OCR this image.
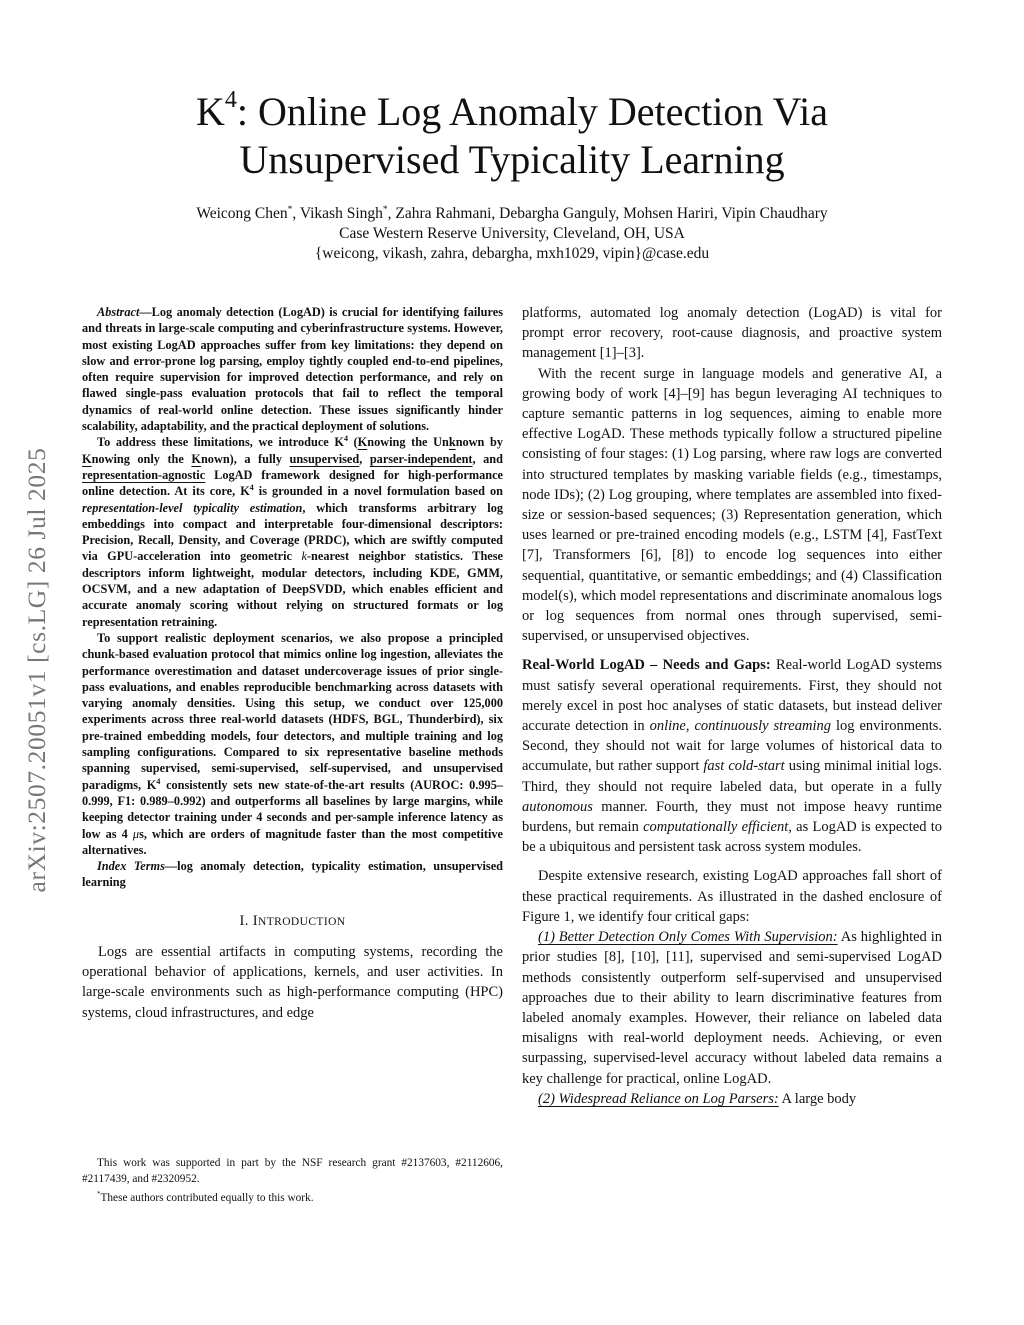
arXiv:2507.20051v1 [cs.LG] 26 Jul 2025
$K^4$: Online Log Anomaly Detection Via
Unsupervised Typicality Learning
Weicong Chen*, Vikash Singh*, Zahra Rahmani, Debargha Ganguly, Mohsen Hariri, Vipin Chaudhary
Case Western Reserve University, Cleveland, OH, USA
{weicong, vikash, zahra, debargha, mxh1029, vipin}@case.edu

Abstract—Log anomaly detection (LogAD) is crucial for identifying failures and threats in large-scale computing and cyberinfrastructure systems. However, most existing LogAD approaches suffer from key limitations: they depend on slow and error-prone log parsing, employ tightly coupled end-to-end pipelines, often require supervision for improved detection performance, and rely on flawed single-pass evaluation protocols that fail to reflect the temporal dynamics of real-world online detection. These issues significantly hinder scalability, adaptability, and the practical deployment of solutions.

To address these limitations, we introduce $K^4$ (Knowing the Unknown by Knowing only the Known), a fully unsupervised, parser-independent, and representation-agnostic LogAD framework designed for high-performance online detection. At its core, $K^4$ is grounded in a novel formulation based on representation-level typicality estimation, which transforms arbitrary log embeddings into compact and interpretable four-dimensional descriptors: Precision, Recall, Density, and Coverage (PRDC), which are swiftly computed via GPU-acceleration into geometric k-nearest neighbor statistics. These descriptors inform lightweight, modular detectors, including KDE, GMM, OCSVM, and a new adaptation of DeepSVDD, which enables efficient and accurate anomaly scoring without relying on structured formats or log representation retraining.

To support realistic deployment scenarios, we also propose a principled chunk-based evaluation protocol that mimics online log ingestion, alleviates the performance overestimation and dataset undercoverage issues of prior single-pass evaluations, and enables reproducible benchmarking across datasets with varying anomaly densities. Using this setup, we conduct over 125,000 experiments across three real-world datasets (HDFS, BGL, Thunderbird), six pre-trained embedding models, four detectors, and multiple training and log sampling configurations. Compared to six representative baseline methods spanning supervised, semi-supervised, self-supervised, and unsupervised paradigms, $K^4$ consistently sets new state-of-the-art results (AUROC: 0.995–0.999, F1: 0.989–0.992) and outperforms all baselines by large margins, while keeping detector training under 4 seconds and per-sample inference latency as low as 4 μs, which are orders of magnitude faster than the most competitive alternatives.

Index Terms—log anomaly detection, typicality estimation, unsupervised learning

I. INTRODUCTION

Logs are essential artifacts in computing systems, recording the operational behavior of applications, kernels, and user activities. In large-scale environments such as high-performance computing (HPC) systems, cloud infrastructures, and edge

This work was supported in part by the NSF research grant #2137603, #2112606, #2117439, and #2320952.

*These authors contributed equally to this work.

platforms, automated log anomaly detection (LogAD) is vital for prompt error recovery, root-cause diagnosis, and proactive system management [1]–[3].

With the recent surge in language models and generative AI, a growing body of work [4]–[9] has begun leveraging AI techniques to capture semantic patterns in log sequences, aiming to enable more effective LogAD. These methods typically follow a structured pipeline consisting of four stages: (1) Log parsing, where raw logs are converted into structured templates by masking variable fields (e.g., timestamps, node IDs); (2) Log grouping, where templates are assembled into fixed-size or session-based sequences; (3) Representation generation, which uses learned or pre-trained encoding models (e.g., LSTM [4], FastText [7], Transformers [6], [8]) to encode log sequences into either sequential, quantitative, or semantic embeddings; and (4) Classification model(s), which model representations and discriminate anomalous logs or log sequences from normal ones through supervised, semi-supervised, or unsupervised objectives.

Real-World LogAD – Needs and Gaps: Real-world LogAD systems must satisfy several operational requirements. First, they should not merely excel in post hoc analyses of static datasets, but instead deliver accurate detection in online, continuously streaming log environments. Second, they should not wait for large volumes of historical data to accumulate, but rather support fast cold-start using minimal initial logs. Third, they should not require labeled data, but operate in a fully autonomous manner. Fourth, they must not impose heavy runtime burdens, but remain computationally efficient, as LogAD is expected to be a ubiquitous and persistent task across system modules.

Despite extensive research, existing LogAD approaches fall short of these practical requirements. As illustrated in the dashed enclosure of Figure 1, we identify four critical gaps:

(1) Better Detection Only Comes With Supervision: As highlighted in prior studies [8], [10], [11], supervised and semi-supervised LogAD methods consistently outperform self-supervised and unsupervised approaches due to their ability to learn discriminative features from labeled anomaly examples. However, their reliance on labeled data misaligns with real-world deployment needs. Achieving, or even surpassing, supervised-level accuracy without labeled data remains a key challenge for practical, online LogAD.

(2) Widespread Reliance on Log Parsers: A large body
